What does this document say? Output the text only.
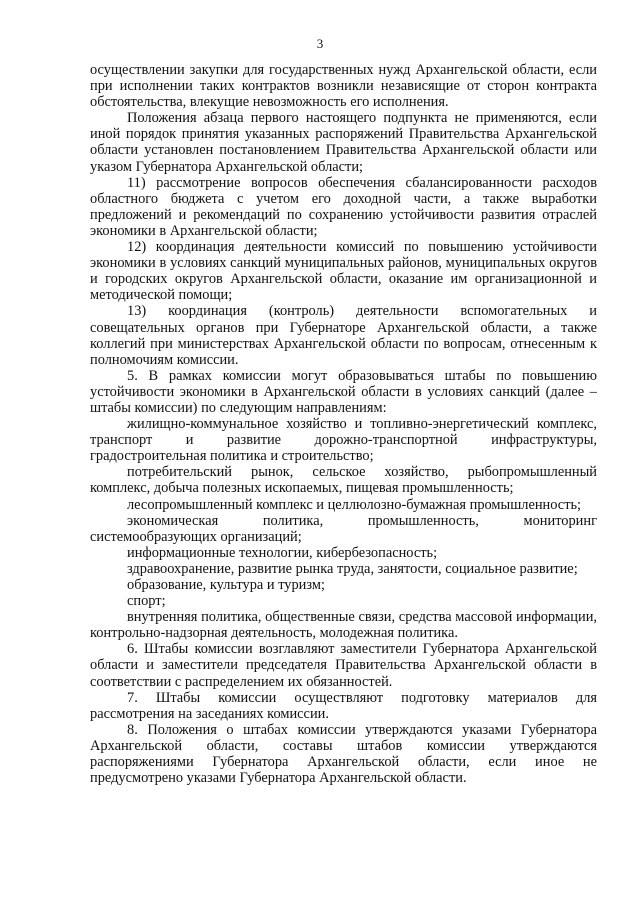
3

осуществлении закупки для государственных нужд Архангельской области, если при исполнении таких контрактов возникли независящие от сторон контракта обстоятельства, влекущие невозможность его исполнения.

Положения абзаца первого настоящего подпункта не применяются, если иной порядок принятия указанных распоряжений Правительства Архангельской области установлен постановлением Правительства Архангельской области или указом Губернатора Архангельской области;

11) рассмотрение вопросов обеспечения сбалансированности расходов областного бюджета с учетом его доходной части, а также выработки предложений и рекомендаций по сохранению устойчивости развития отраслей экономики в Архангельской области;

12) координация деятельности комиссий по повышению устойчивости экономики в условиях санкций муниципальных районов, муниципальных округов и городских округов Архангельской области, оказание им организационной и методической помощи;

13) координация (контроль) деятельности вспомогательных и совещательных органов при Губернаторе Архангельской области, а также коллегий при министерствах Архангельской области по вопросам, отнесенным к полномочиям комиссии.

5. В рамках комиссии могут образовываться штабы по повышению устойчивости экономики в Архангельской области в условиях санкций (далее – штабы комиссии) по следующим направлениям:

жилищно-коммунальное хозяйство и топливно-энергетический комплекс, транспорт и развитие дорожно-транспортной инфраструктуры, градостроительная политика и строительство;

потребительский рынок, сельское хозяйство, рыбопромышленный комплекс, добыча полезных ископаемых, пищевая промышленность;

лесопромышленный комплекс и целлюлозно-бумажная промышленность;

экономическая политика, промышленность, мониторинг системообразующих организаций;

информационные технологии, кибербезопасность;

здравоохранение, развитие рынка труда, занятости, социальное развитие;

образование, культура и туризм;

спорт;

внутренняя политика, общественные связи, средства массовой информации, контрольно-надзорная деятельность, молодежная политика.

6. Штабы комиссии возглавляют заместители Губернатора Архангельской области и заместители председателя Правительства Архангельской области в соответствии с распределением их обязанностей.

7. Штабы комиссии осуществляют подготовку материалов для рассмотрения на заседаниях комиссии.

8. Положения о штабах комиссии утверждаются указами Губернатора Архангельской области, составы штабов комиссии утверждаются распоряжениями Губернатора Архангельской области, если иное не предусмотрено указами Губернатора Архангельской области.
